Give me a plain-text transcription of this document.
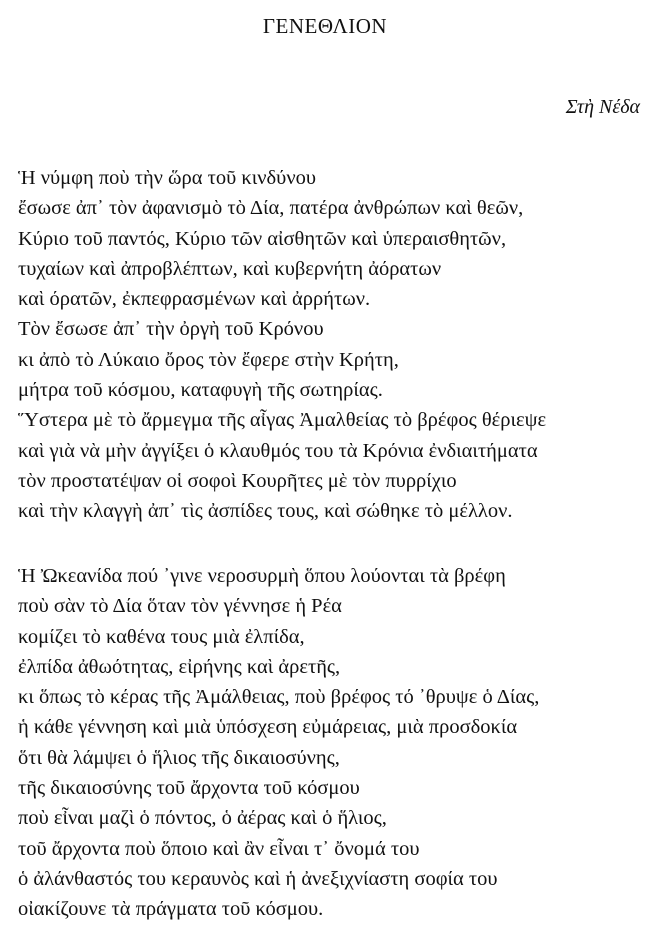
ΓΕΝΕΘΛΙΟΝ
Στὴ Νέδα
Ἡ νύμφη ποὺ τὴν ὥρα τοῦ κινδύνου
ἔσωσε ἀπ᾽ τὸν ἀφανισμὸ τὸ Δία, πατέρα ἀνθρώπων καὶ θεῶν,
Κύριο τοῦ παντός, Κύριο τῶν αἰσθητῶν καὶ ὑπεραισθητῶν,
τυχαίων καὶ ἀπροβλέπτων, καὶ κυβερνήτη ἀόρατων
καὶ όρατῶν, ἐκπεφρασμένων καὶ ἀρρήτων.
Τὸν ἔσωσε ἀπ᾽ τὴν ὀργὴ τοῦ Κρόνου
κι ἀπὸ τὸ Λύκαιο ὄρος τὸν ἔφερε στὴν Κρήτη,
μήτρα τοῦ κόσμου, καταφυγὴ τῆς σωτηρίας.
Ὕστερα μὲ τὸ ἄρμεγμα τῆς αἶγας Ἀμαλθείας τὸ βρέφος θέριεψε
καὶ γιὰ νὰ μὴν ἀγγίξει ὁ κλαυθμός του τὰ Κρόνια ἐνδιαιτήματα
τὸν προστατέψαν οἱ σοφοὶ Κουρῆτες μὲ τὸν πυρρίχιο
καὶ τὴν κλαγγὴ ἀπ᾽ τὶς ἀσπίδες τους, καὶ σώθηκε τὸ μέλλον.
Ἡ Ὠκεανίδα πού ᾽γινε νεροσυρμὴ ὅπου λούονται τὰ βρέφη
ποὺ σὰν τὸ Δία ὅταν τὸν γέννησε ἡ Ρέα
κομίζει τὸ καθένα τους μιὰ ἐλπίδα,
ἐλπίδα ἀθωότητας, εἰρήνης καὶ ἀρετῆς,
κι ὅπως τὸ κέρας τῆς Ἀμάλθειας, ποὺ βρέφος τό ᾽θρυψε ὁ Δίας,
ἡ κάθε γέννηση καὶ μιὰ ὑπόσχεση εὐμάρειας, μιὰ προσδοκία
ὅτι θὰ λάμψει ὁ ἥλιος τῆς δικαιοσύνης,
τῆς δικαιοσύνης τοῦ ἄρχοντα τοῦ κόσμου
ποὺ εἶναι μαζὶ ὁ πόντος, ὁ ἀέρας καὶ ὁ ἥλιος,
τοῦ ἄρχοντα ποὺ ὅποιο καὶ ἂν εἶναι τ᾽ ὄνομά του
ὁ ἀλάνθαστός του κεραυνὸς καὶ ἡ ἀνεξιχνίαστη σοφία του
οἰακίζουνε τὰ πράγματα τοῦ κόσμου.
